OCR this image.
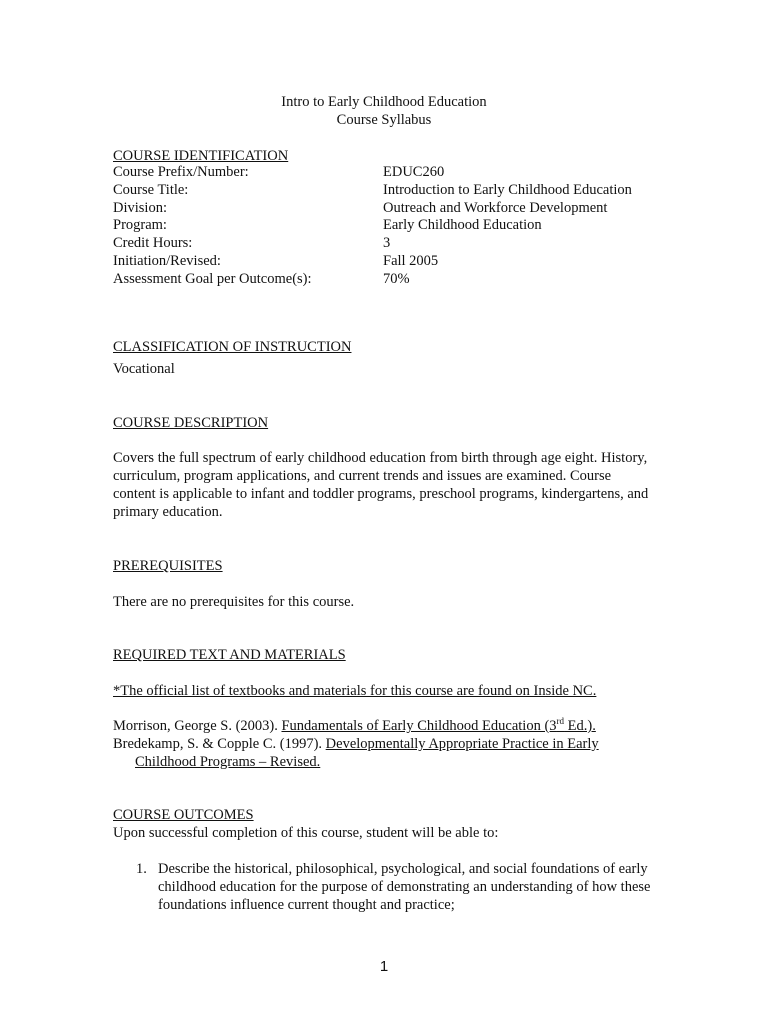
Intro to Early Childhood Education
Course Syllabus
COURSE IDENTIFICATION
Course Prefix/Number:	EDUC260
Course Title:	Introduction to Early Childhood Education
Division:	Outreach and Workforce Development
Program:	Early Childhood Education
Credit Hours:	3
Initiation/Revised:	Fall 2005
Assessment Goal per Outcome(s):	70%
CLASSIFICATION OF INSTRUCTION
Vocational
COURSE DESCRIPTION
Covers the full spectrum of early childhood education from birth through age eight. History, curriculum, program applications, and current trends and issues are examined. Course content is applicable to infant and toddler programs, preschool programs, kindergartens, and primary education.
PREREQUISITES
There are no prerequisites for this course.
REQUIRED TEXT AND MATERIALS
*The official list of textbooks and materials for this course are found on Inside NC.
Morrison, George S. (2003). Fundamentals of Early Childhood Education (3rd Ed.).
Bredekamp, S. & Copple C. (1997). Developmentally Appropriate Practice in Early
Childhood Programs – Revised.
COURSE OUTCOMES
Upon successful completion of this course, student will be able to:
1. Describe the historical, philosophical, psychological, and social foundations of early childhood education for the purpose of demonstrating an understanding of how these foundations influence current thought and practice;
1
